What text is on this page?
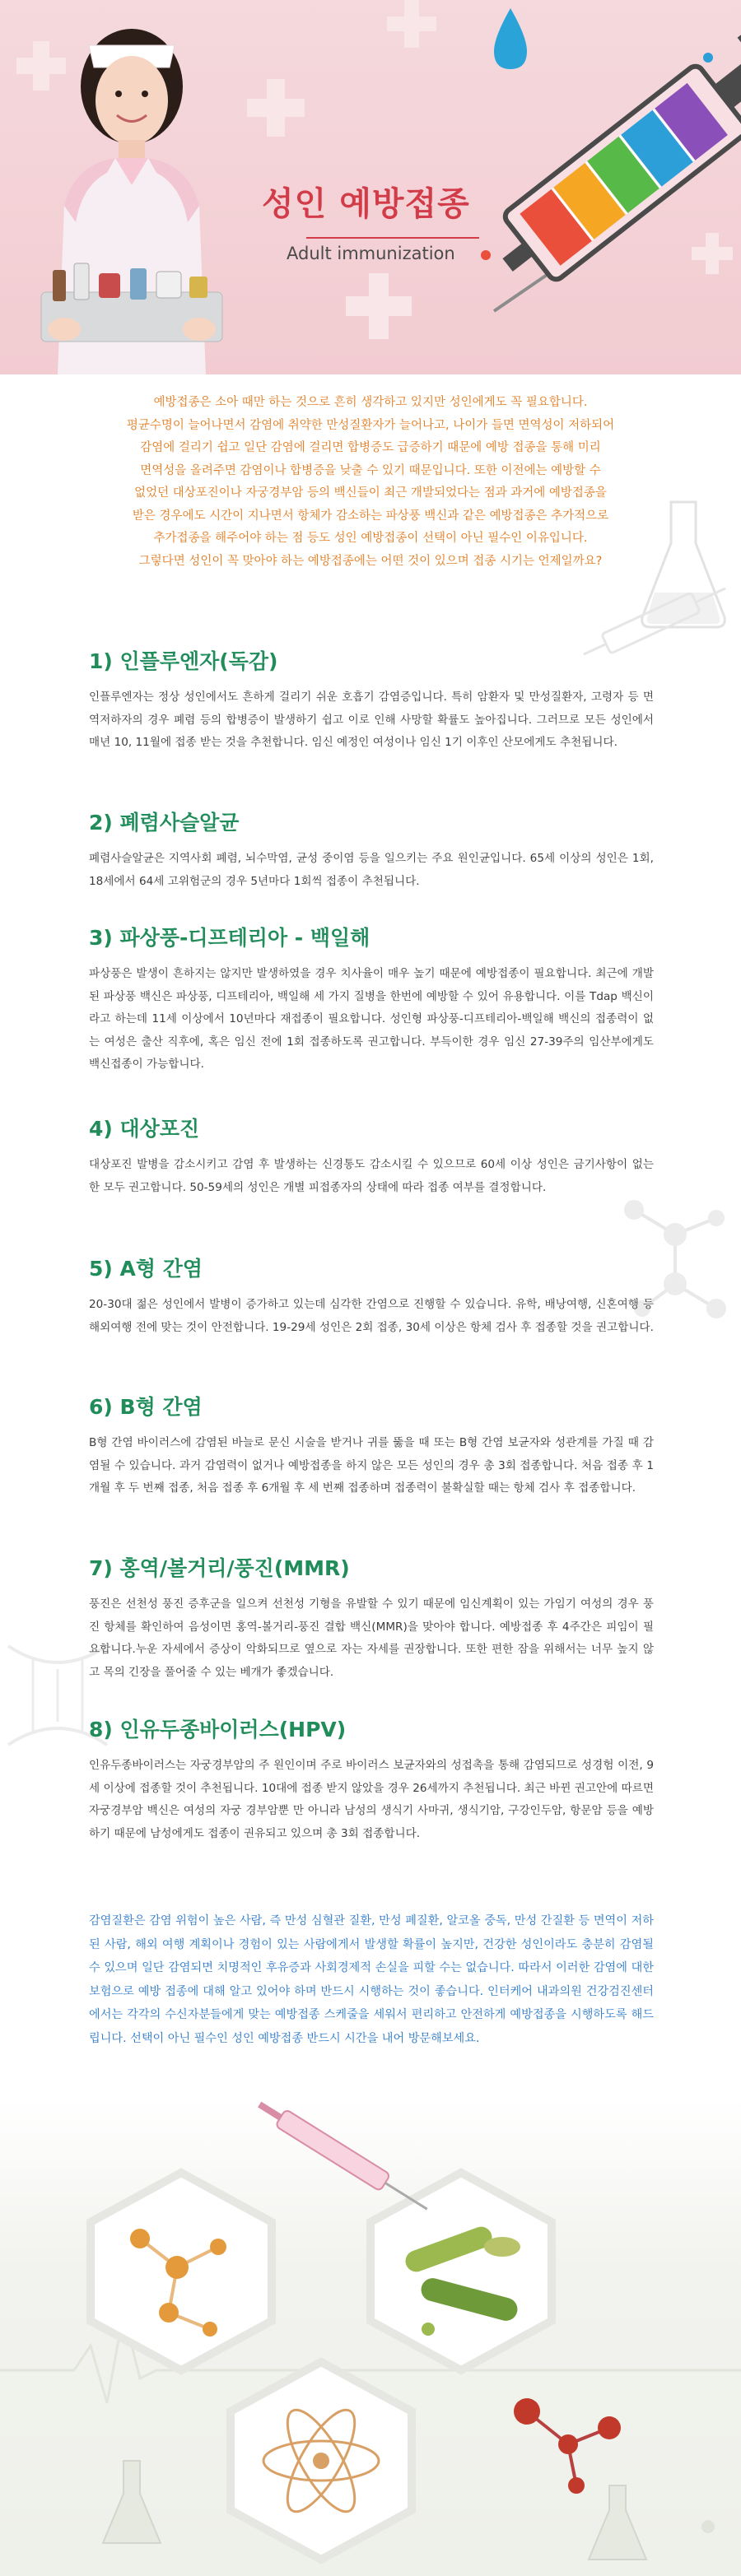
성인 예방접종
Adult immunization
예방접종은 소아 때만 하는 것으로 흔히 생각하고 있지만 성인에게도 꼭 필요합니다.
평균수명이 늘어나면서 감염에 취약한 만성질환자가 늘어나고, 나이가 들면 면역성이 저하되어
감염에 걸리기 쉽고 일단 감염에 걸리면 합병증도 급증하기 때문에 예방 접종을 통해 미리
면역성을 올려주면 감염이나 합병증을 낮출 수 있기 때문입니다. 또한 이전에는 예방할 수
없었던 대상포진이나 자궁경부암 등의 백신들이 최근 개발되었다는 점과 과거에 예방접종을
받은 경우에도 시간이 지나면서 항체가 감소하는 파상풍 백신과 같은 예방접종은 추가적으로
추가접종을 해주어야 하는 점 등도 성인 예방접종이 선택이 아닌 필수인 이유입니다.
그렇다면 성인이 꼭 맞아야 하는 예방접종에는 어떤 것이 있으며 접종 시기는 언제일까요?
1) 인플루엔자(독감)

인플루엔자는 정상 성인에서도 흔하게 걸리기 쉬운 호흡기 감염증입니다. 특히 암환자 및 만성질환자, 고령자 등 면역저하자의 경우 폐렴 등의 합병증이 발생하기 쉽고 이로 인해 사망할 확률도 높아집니다. 그러므로 모든 성인에서 매년 10, 11월에 접종 받는 것을 추천합니다. 임신 예정인 여성이나 임신 1기 이후인 산모에게도 추천됩니다.

2) 폐렴사슬알균

폐렴사슬알균은 지역사회 폐렴, 뇌수막염, 균성 중이염 등을 일으키는 주요 원인균입니다. 65세 이상의 성인은 1회, 18세에서 64세 고위험군의 경우 5년마다 1회씩 접종이 추천됩니다.

3) 파상풍-디프테리아 - 백일해

파상풍은 발생이 흔하지는 않지만 발생하였을 경우 치사율이 매우 높기 때문에 예방접종이 필요합니다. 최근에 개발된 파상풍 백신은 파상풍, 디프테리아, 백일해 세 가지 질병을 한번에 예방할 수 있어 유용합니다. 이를 Tdap 백신이라고 하는데 11세 이상에서 10년마다 재접종이 필요합니다. 성인형 파상풍-디프테리아-백일해 백신의 접종력이 없는 여성은 출산 직후에, 혹은 임신 전에 1회 접종하도록 권고합니다. 부득이한 경우 임신 27-39주의 임산부에게도 백신접종이 가능합니다.

4) 대상포진

대상포진 발병을 감소시키고 감염 후 발생하는 신경통도 감소시킬 수 있으므로 60세 이상 성인은 금기사항이 없는 한 모두 권고합니다. 50-59세의 성인은 개별 피접종자의 상태에 따라 접종 여부를 결정합니다.

5) A형 간염

20-30대 젊은 성인에서 발병이 증가하고 있는데 심각한 간염으로 진행할 수 있습니다. 유학, 배낭여행, 신혼여행 등 해외여행 전에 맞는 것이 안전합니다. 19-29세 성인은 2회 접종, 30세 이상은 항체 검사 후 접종할 것을 권고합니다.

6) B형 간염

B형 간염 바이러스에 감염된 바늘로 문신 시술을 받거나 귀를 뚫을 때 또는 B형 간염 보균자와 성관계를 가질 때 감염될 수 있습니다. 과거 감염력이 없거나 예방접종을 하지 않은 모든 성인의 경우 총 3회 접종합니다. 처음 접종 후 1개월 후 두 번째 접종, 처음 접종 후 6개월 후 세 번째 접종하며 접종력이 불확실할 때는 항체 검사 후 접종합니다.

7) 홍역/볼거리/풍진(MMR)

풍진은 선천성 풍진 증후군을 일으켜 선천성 기형을 유발할 수 있기 때문에 임신계획이 있는 가임기 여성의 경우 풍진 항체를 확인하여 음성이면 홍역-볼거리-풍진 결합 백신(MMR)을 맞아야 합니다. 예방접종 후 4주간은 피임이 필요합니다.누운 자세에서 증상이 악화되므로 옆으로 자는 자세를 권장합니다. 또한 편한 잠을 위해서는 너무 높지 않고 목의 긴장을 풀어줄 수 있는 베개가 좋겠습니다.

8) 인유두종바이러스(HPV)

인유두종바이러스는 자궁경부암의 주 원인이며 주로 바이러스 보균자와의 성접촉을 통해 감염되므로 성경험 이전, 9세 이상에 접종할 것이 추천됩니다. 10대에 접종 받지 않았을 경우 26세까지 추천됩니다. 최근 바뀐 권고안에 따르면 자궁경부암 백신은 여성의 자궁 경부암뿐 만 아니라 남성의 생식기 사마귀, 생식기암, 구강인두암, 항문암 등을 예방하기 때문에 남성에게도 접종이 권유되고 있으며 총 3회 접종합니다.

감염질환은 감염 위험이 높은 사람, 즉 만성 심혈관 질환, 만성 폐질환, 알코올 중독, 만성 간질환 등 면역이 저하된 사람, 해외 여행 계획이나 경험이 있는 사람에게서 발생할 확률이 높지만, 건강한 성인이라도 충분히 감염될 수 있으며 일단 감염되면 치명적인 후유증과 사회경제적 손실을 피할 수는 없습니다. 따라서 이러한 감염에 대한 보험으로 예방 접종에 대해 알고 있어야 하며 반드시 시행하는 것이 좋습니다. 인터케어 내과의원 건강검진센터에서는 각각의 수신자분들에게 맞는 예방접종 스케줄을 세워서 편리하고 안전하게 예방접종을 시행하도록 해드립니다. 선택이 아닌 필수인 성인 예방접종 반드시 시간을 내어 방문해보세요.
